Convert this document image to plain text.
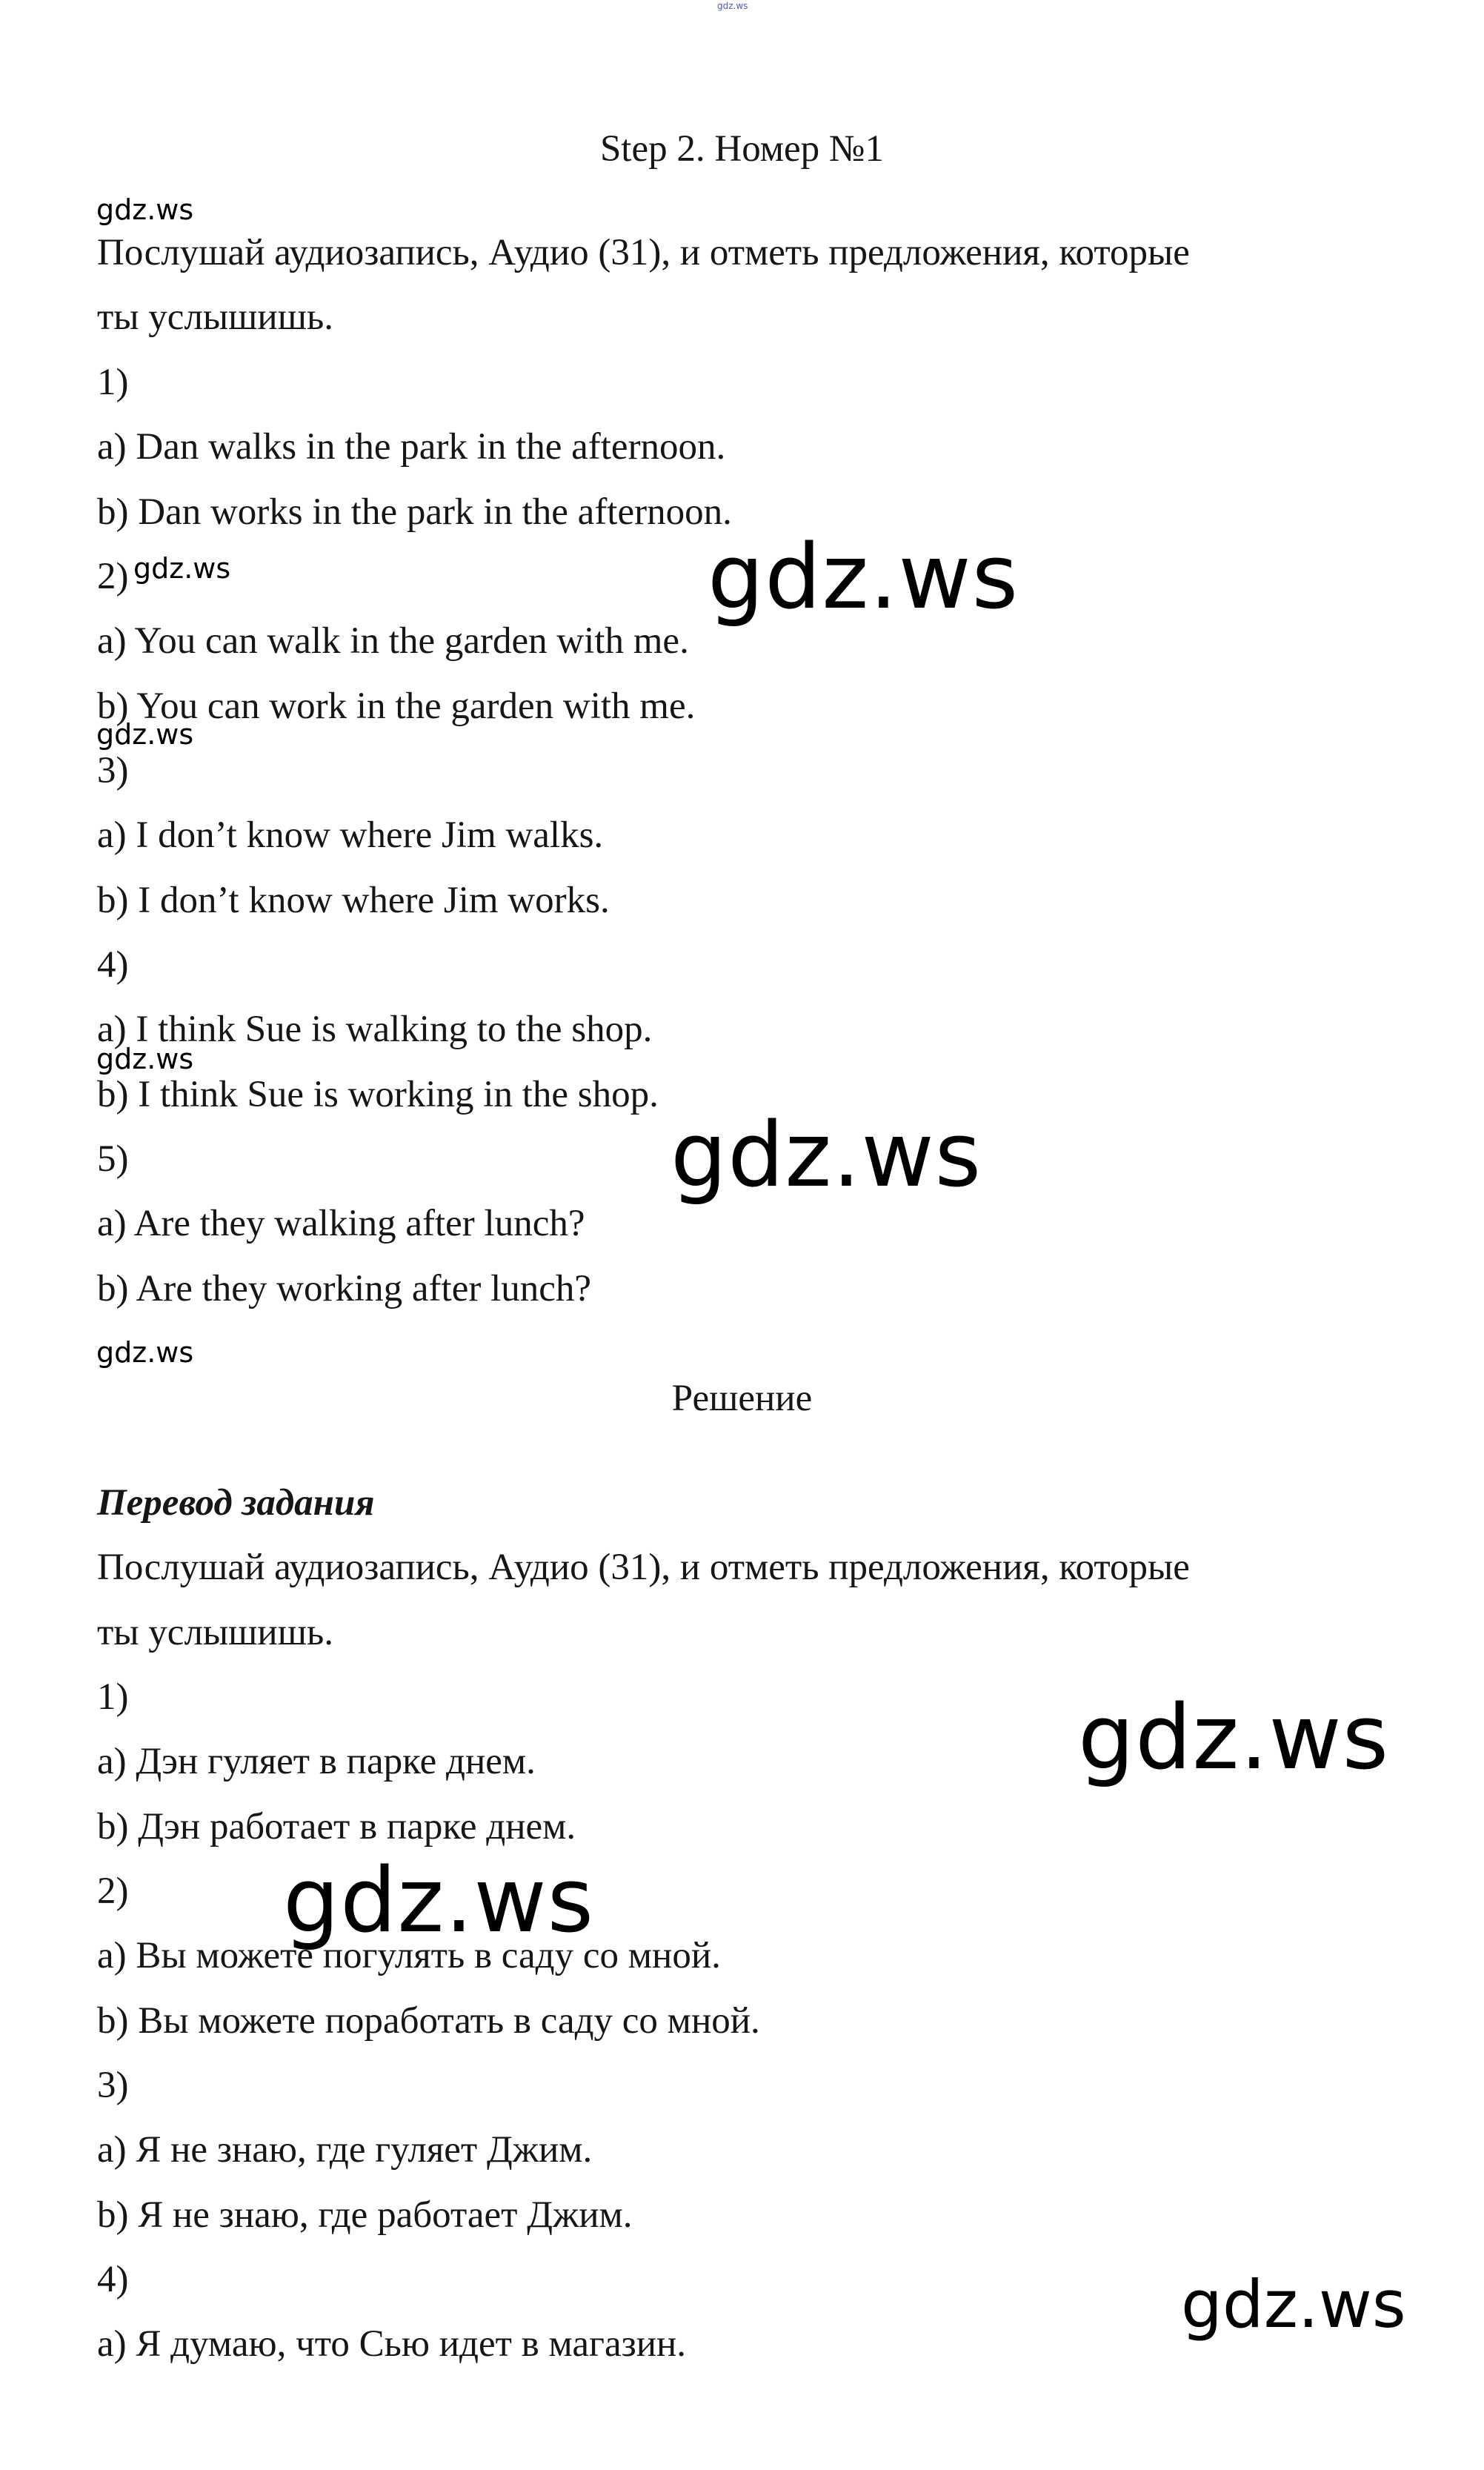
gdz.ws
gdz.ws
gdz.ws
gdz.ws
gdz.ws
gdz.ws
gdz.ws
gdz.ws
gdz.ws
gdz.ws
gdz.ws
Step 2. Номер №1
Послушай аудиозапись, Аудио (31), и отметь предложения, которые
ты услышишь.
1)
a) Dan walks in the park in the afternoon.
b) Dan works in the park in the afternoon.
2)
a) You can walk in the garden with me.
b) You can work in the garden with me.
3)
a) I don’t know where Jim walks.
b) I don’t know where Jim works.
4)
a) I think Sue is walking to the shop.
b) I think Sue is working in the shop.
5)
a) Are they walking after lunch?
b) Are they working after lunch?
Решение
Перевод задания
Послушай аудиозапись, Аудио (31), и отметь предложения, которые
ты услышишь.
1)
a) Дэн гуляет в парке днем.
b) Дэн работает в парке днем.
2)
a) Вы можете погулять в саду со мной.
b) Вы можете поработать в саду со мной.
3)
a) Я не знаю, где гуляет Джим.
b) Я не знаю, где работает Джим.
4)
a) Я думаю, что Сью идет в магазин.
